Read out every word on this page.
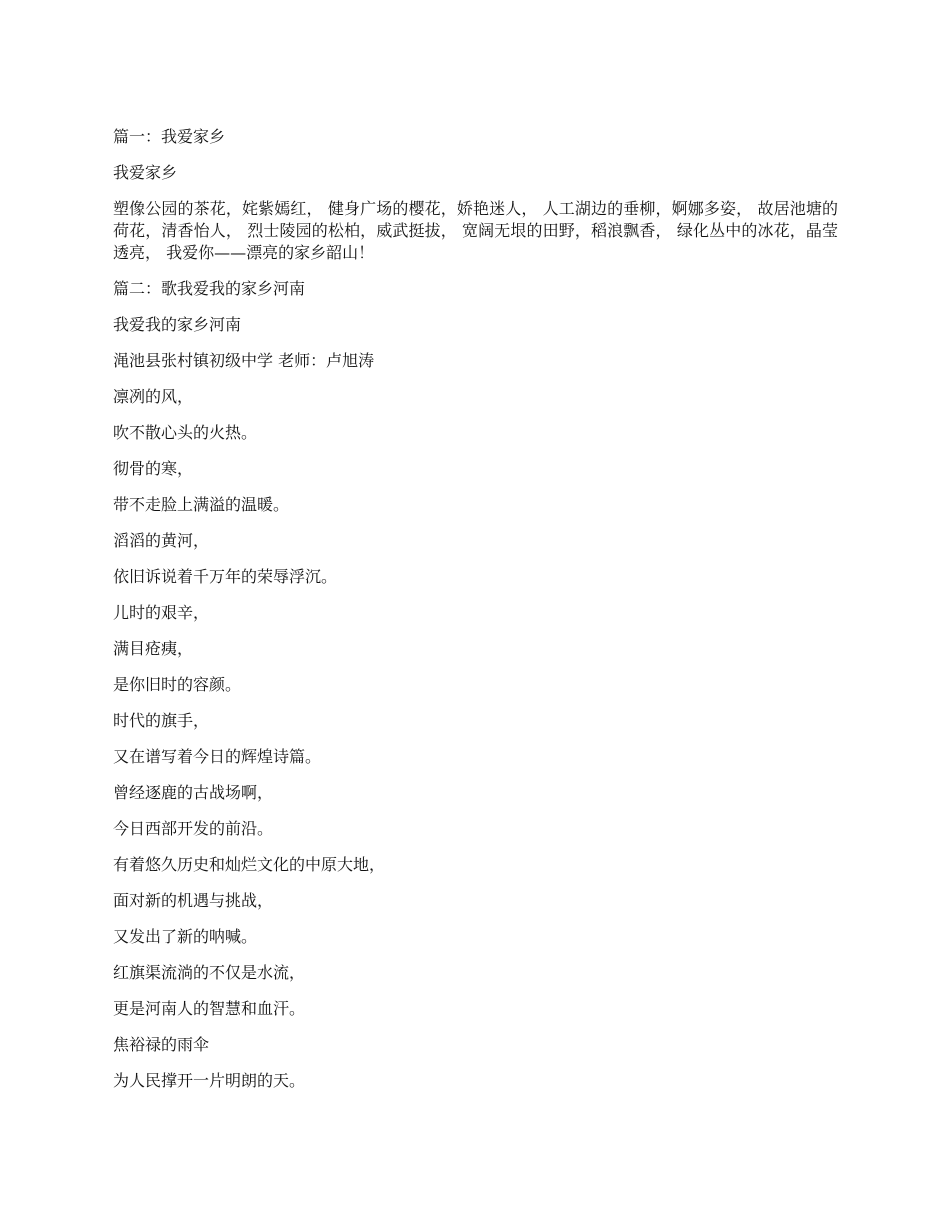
篇一：我爱家乡
我爱家乡
塑像公园的茶花，姹紫嫣红， 健身广场的樱花，娇艳迷人， 人工湖边的垂柳，婀娜多姿， 故居池塘的荷花，清香怡人， 烈士陵园的松柏，威武挺拔， 宽阔无垠的田野，稻浪飘香， 绿化丛中的冰花，晶莹透亮， 我爱你——漂亮的家乡韶山！
篇二：歌我爱我的家乡河南
我爱我的家乡河南
渑池县张村镇初级中学 老师：卢旭涛
凛冽的风，
吹不散心头的火热。
彻骨的寒，
带不走脸上满溢的温暖。
滔滔的黄河，
依旧诉说着千万年的荣辱浮沉。
儿时的艰辛，
满目疮痍，
是你旧时的容颜。
时代的旗手，
又在谱写着今日的辉煌诗篇。
曾经逐鹿的古战场啊，
今日西部开发的前沿。
有着悠久历史和灿烂文化的中原大地，
面对新的机遇与挑战，
又发出了新的呐喊。
红旗渠流淌的不仅是水流，
更是河南人的智慧和血汗。
焦裕禄的雨伞
为人民撑开一片明朗的天。
